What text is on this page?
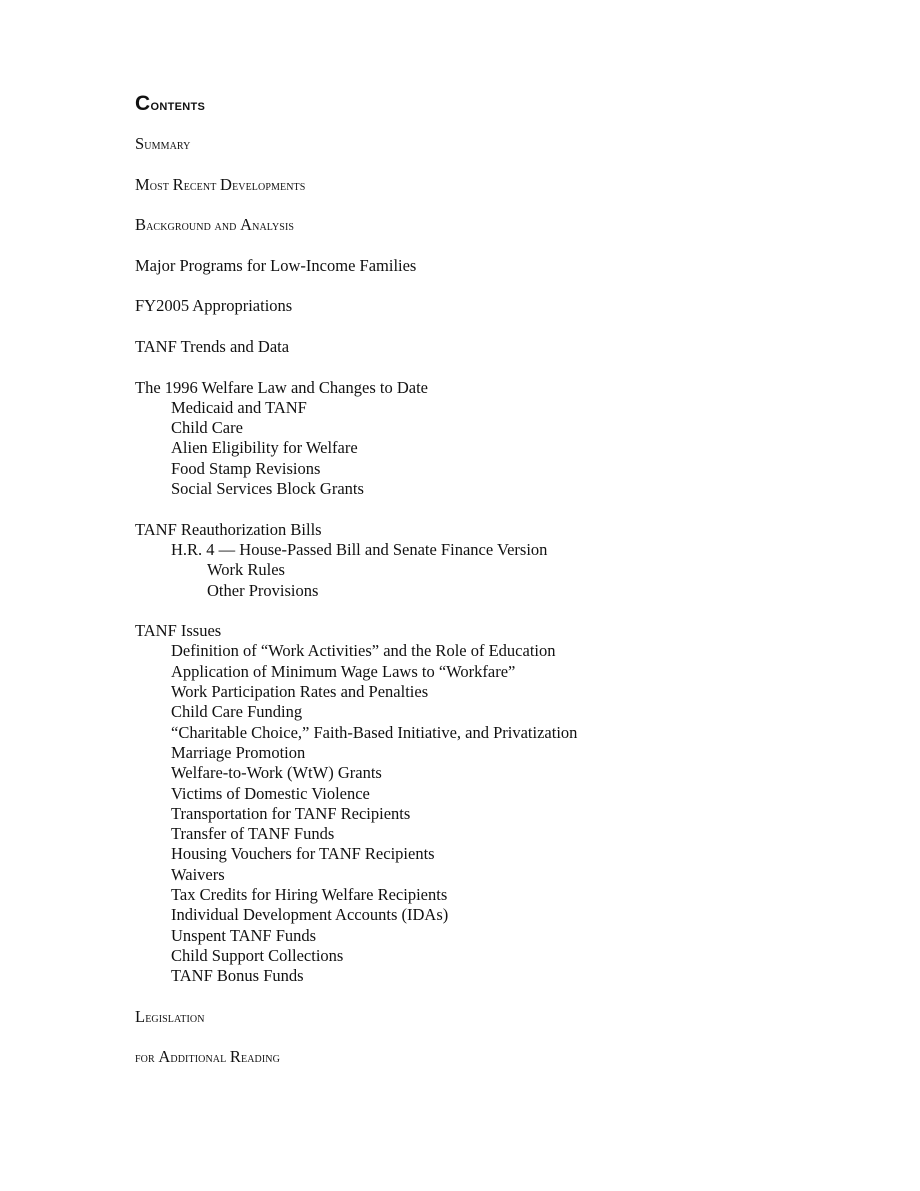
Contents
Summary
Most Recent Developments
Background and Analysis
Major Programs for Low-Income Families
FY2005 Appropriations
TANF Trends and Data
The 1996 Welfare Law and Changes to Date
Medicaid and TANF
Child Care
Alien Eligibility for Welfare
Food Stamp Revisions
Social Services Block Grants
TANF Reauthorization Bills
H.R. 4 — House-Passed Bill and Senate Finance Version
Work Rules
Other Provisions
TANF Issues
Definition of “Work Activities” and the Role of Education
Application of Minimum Wage Laws to “Workfare”
Work Participation Rates and Penalties
Child Care Funding
“Charitable Choice,” Faith-Based Initiative, and Privatization
Marriage Promotion
Welfare-to-Work (WtW) Grants
Victims of Domestic Violence
Transportation for TANF Recipients
Transfer of TANF Funds
Housing Vouchers for TANF Recipients
Waivers
Tax Credits for Hiring Welfare Recipients
Individual Development Accounts (IDAs)
Unspent TANF Funds
Child Support Collections
TANF Bonus Funds
Legislation
for Additional Reading
